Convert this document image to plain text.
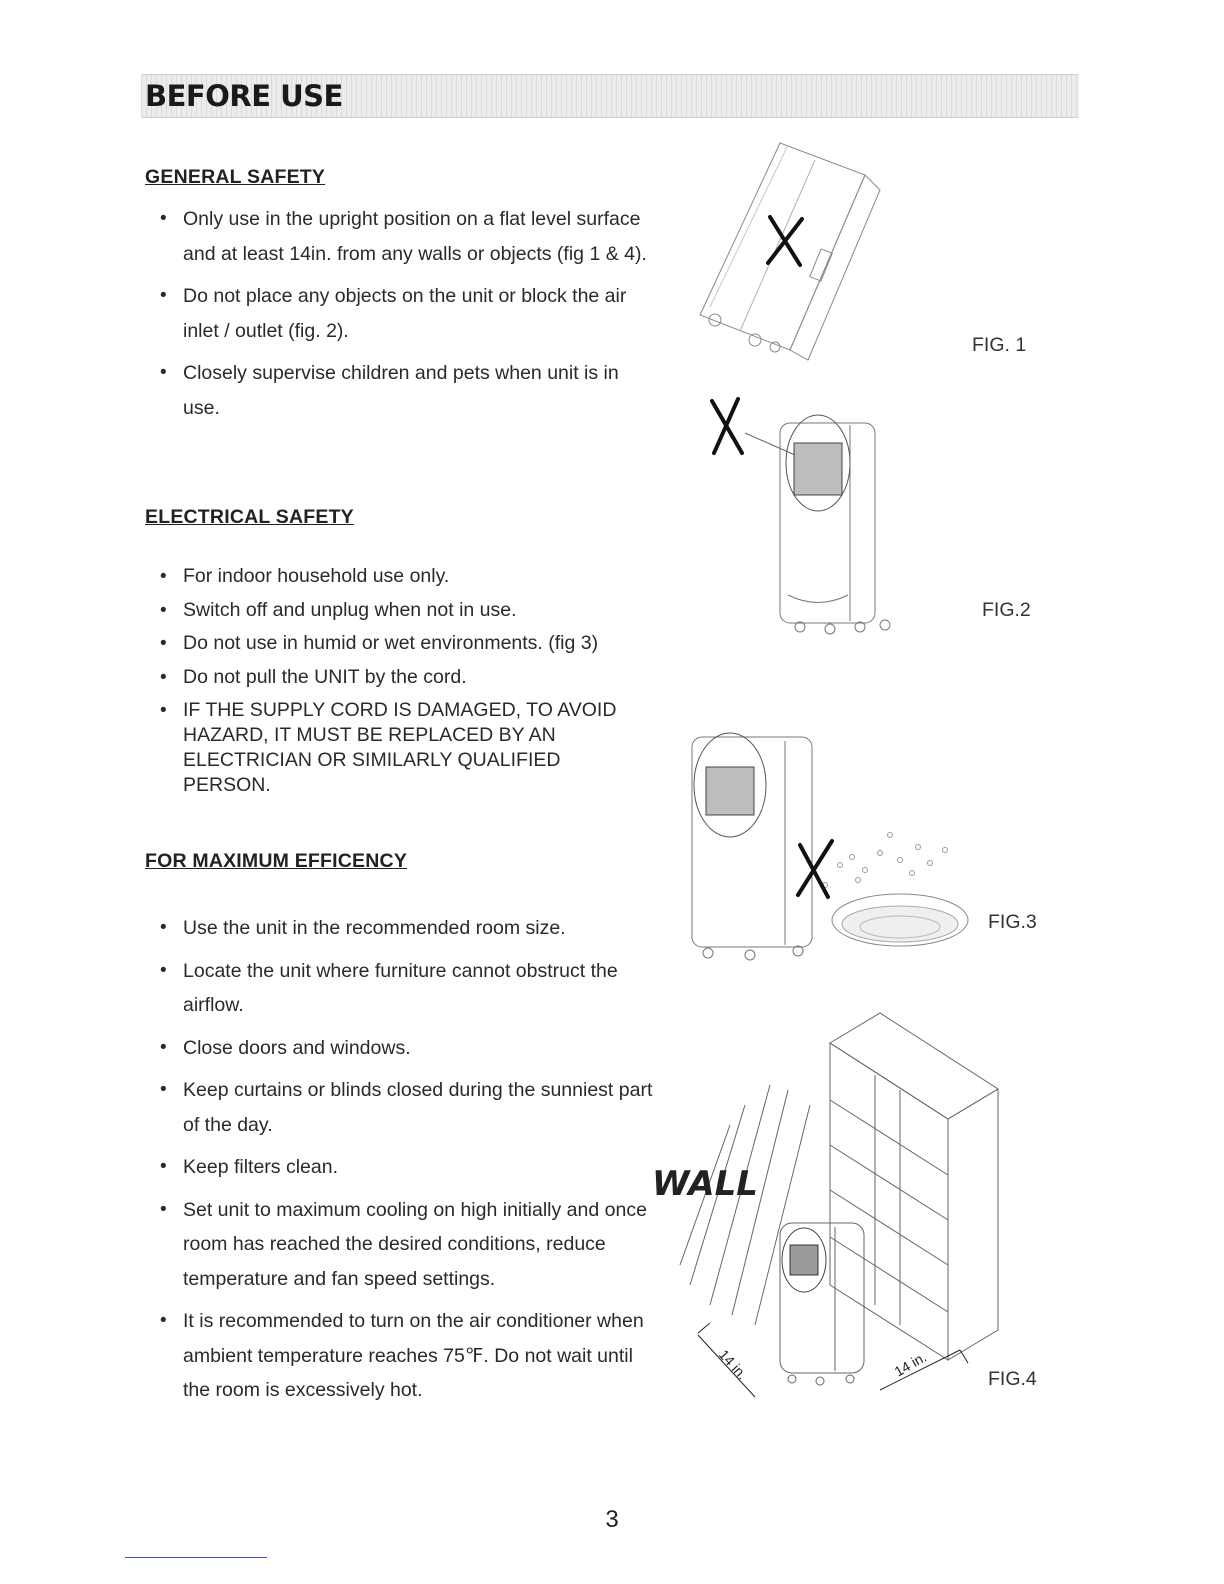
BEFORE USE
GENERAL SAFETY
• Only use in the upright position on a flat level surface and at least 14in. from any walls or objects (fig 1 & 4).
• Do not place any objects on the unit or block the air inlet / outlet (fig. 2).
• Closely supervise children and pets when unit is in use.
ELECTRICAL SAFETY
• For indoor household use only.
• Switch off and unplug when not in use.
• Do not use in humid or wet environments. (fig 3)
• Do not pull the UNIT by the cord.
• IF THE SUPPLY CORD IS DAMAGED, TO AVOID HAZARD, IT MUST BE REPLACED BY AN ELECTRICIAN OR SIMILARLY QUALIFIED PERSON.
FOR MAXIMUM EFFICENCY
• Use the unit in the recommended room size.
• Locate the unit where furniture cannot obstruct the airflow.
• Close doors and windows.
• Keep curtains or blinds closed during the sunniest part of the day.
• Keep filters clean.
• Set unit to maximum cooling on high initially and once room has reached the desired conditions, reduce temperature and fan speed settings.
• It is recommended to turn on the air conditioner when ambient temperature reaches 75℉. Do not wait until the room is excessively hot.
FIG. 1
FIG.2
FIG.3
WALL
14 in.	14 in.	FIG.4
3
